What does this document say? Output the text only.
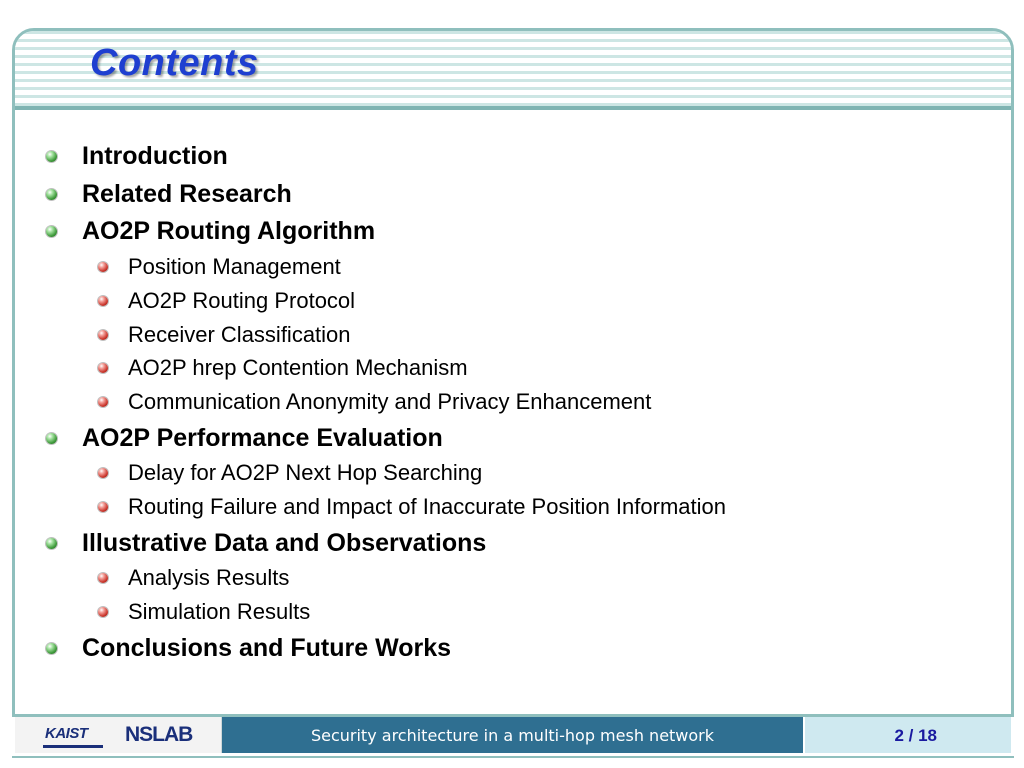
Contents
Introduction
Related Research
AO2P Routing Algorithm
Position Management
AO2P Routing Protocol
Receiver Classification
AO2P hrep Contention Mechanism
Communication Anonymity and Privacy Enhancement
AO2P Performance Evaluation
Delay for AO2P Next Hop Searching
Routing Failure and Impact of Inaccurate Position Information
Illustrative Data and Observations
Analysis Results
Simulation Results
Conclusions and Future Works
KAIST NSLAB	Security architecture in a multi-hop mesh network	2 / 18
